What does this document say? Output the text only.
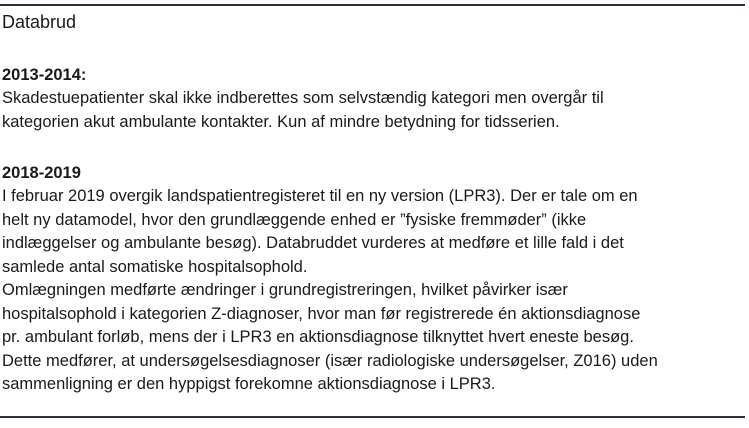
Databrud
2013-2014:

Skadestuepatienter skal ikke indberettes som selvstændig kategori men overgår til
kategorien akut ambulante kontakter. Kun af mindre betydning for tidsserien.

2018-2019

I februar 2019 overgik landspatientregisteret til en ny version (LPR3). Der er tale om en
helt ny datamodel, hvor den grundlæggende enhed er ”fysiske fremmøder” (ikke
indlæggelser og ambulante besøg). Databruddet vurderes at medføre et lille fald i det
samlede antal somatiske hospitalsophold.

Omlægningen medførte ændringer i grundregistreringen, hvilket påvirker især
hospitalsophold i kategorien Z-diagnoser, hvor man før registrerede én aktionsdiagnose
pr. ambulant forløb, mens der i LPR3 en aktionsdiagnose tilknyttet hvert eneste besøg.
Dette medfører, at undersøgelsesdiagnoser (især radiologiske undersøgelser, Z016) uden
sammenligning er den hyppigst forekomne aktionsdiagnose i LPR3.
